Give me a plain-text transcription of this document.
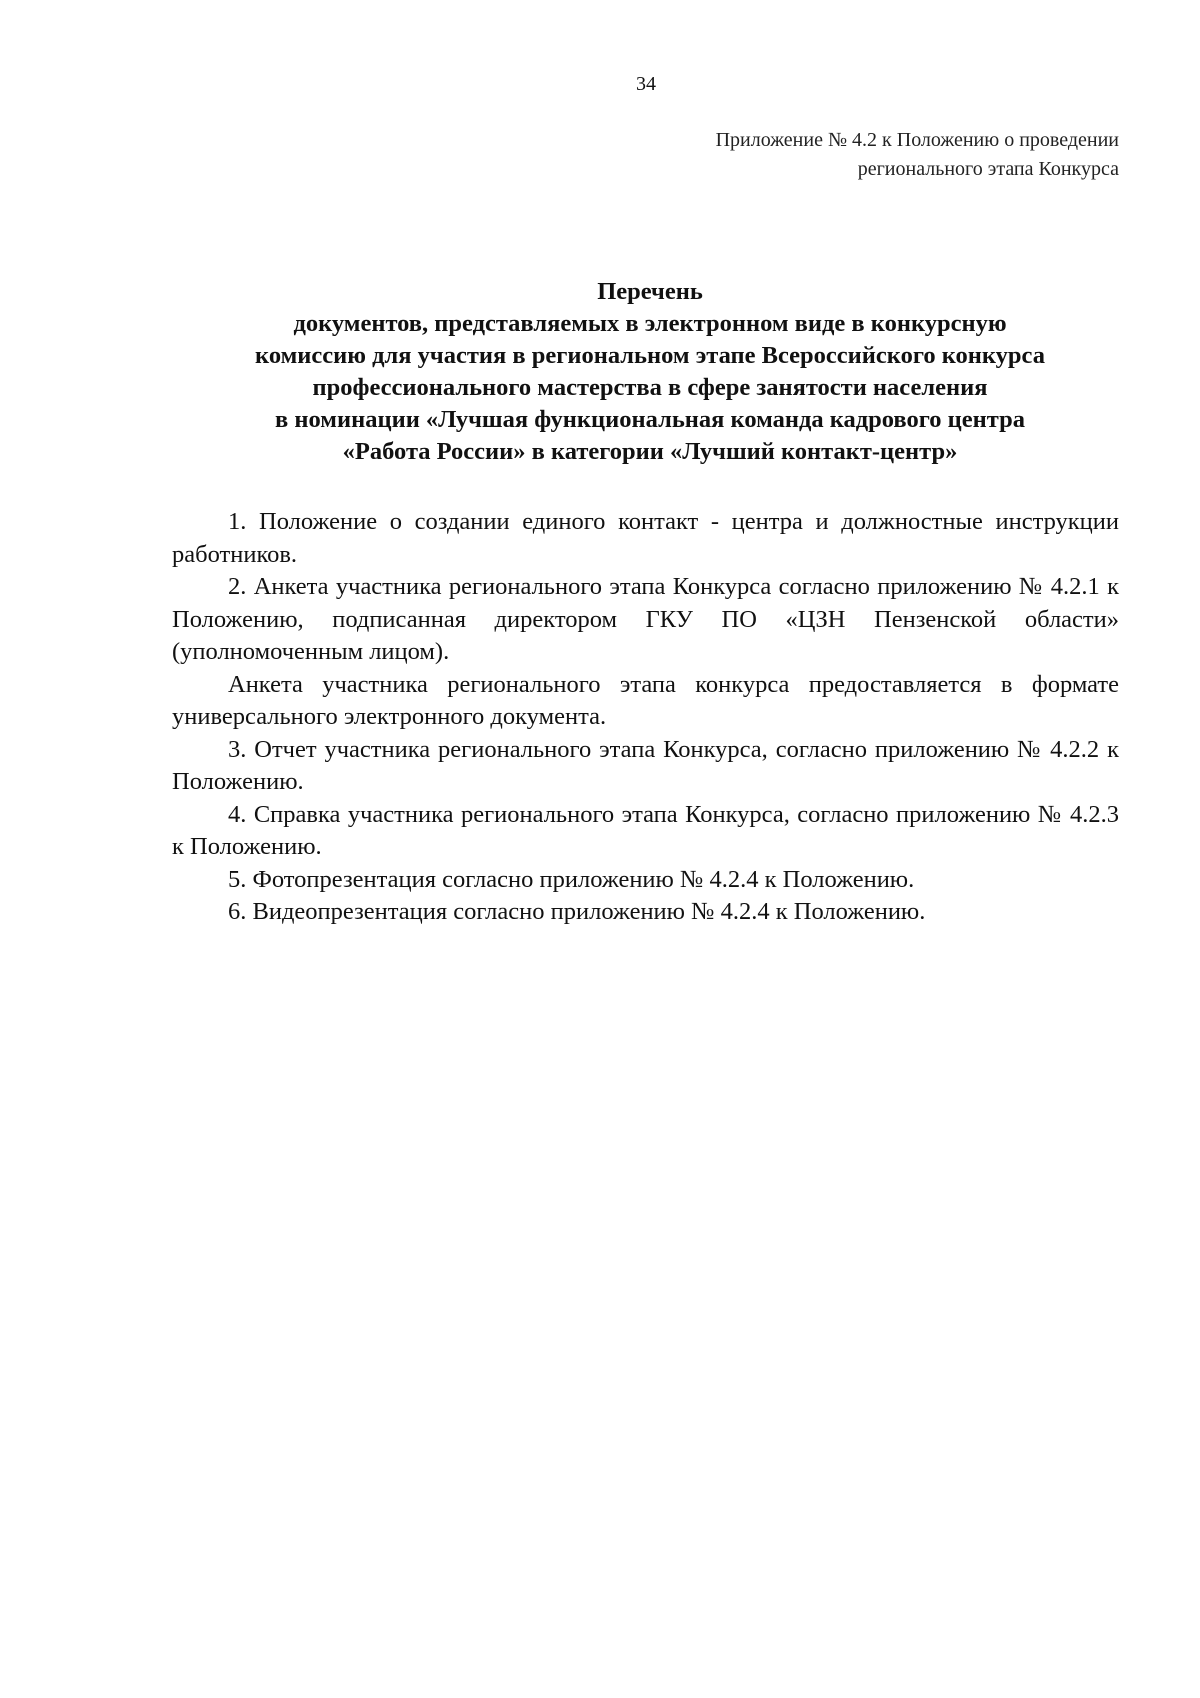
34
Приложение № 4.2 к Положению о проведении
регионального этапа Конкурса
Перечень
документов, представляемых в электронном виде в конкурсную
комиссию для участия в региональном этапе Всероссийского конкурса
профессионального мастерства в сфере занятости населения
в номинации «Лучшая функциональная команда кадрового центра
«Работа России» в категории «Лучший контакт-центр»

1. Положение о создании единого контакт - центра и должностные инструкции работников.

2. Анкета участника регионального этапа Конкурса согласно приложению № 4.2.1 к Положению, подписанная директором ГКУ ПО «ЦЗН Пензенской области» (уполномоченным лицом).

Анкета участника регионального этапа конкурса предоставляется в формате универсального электронного документа.

3. Отчет участника регионального этапа Конкурса, согласно приложению № 4.2.2 к Положению.

4. Справка участника регионального этапа Конкурса, согласно приложению № 4.2.3 к Положению.

5. Фотопрезентация согласно приложению № 4.2.4 к Положению.

6. Видеопрезентация согласно приложению № 4.2.4 к Положению.
